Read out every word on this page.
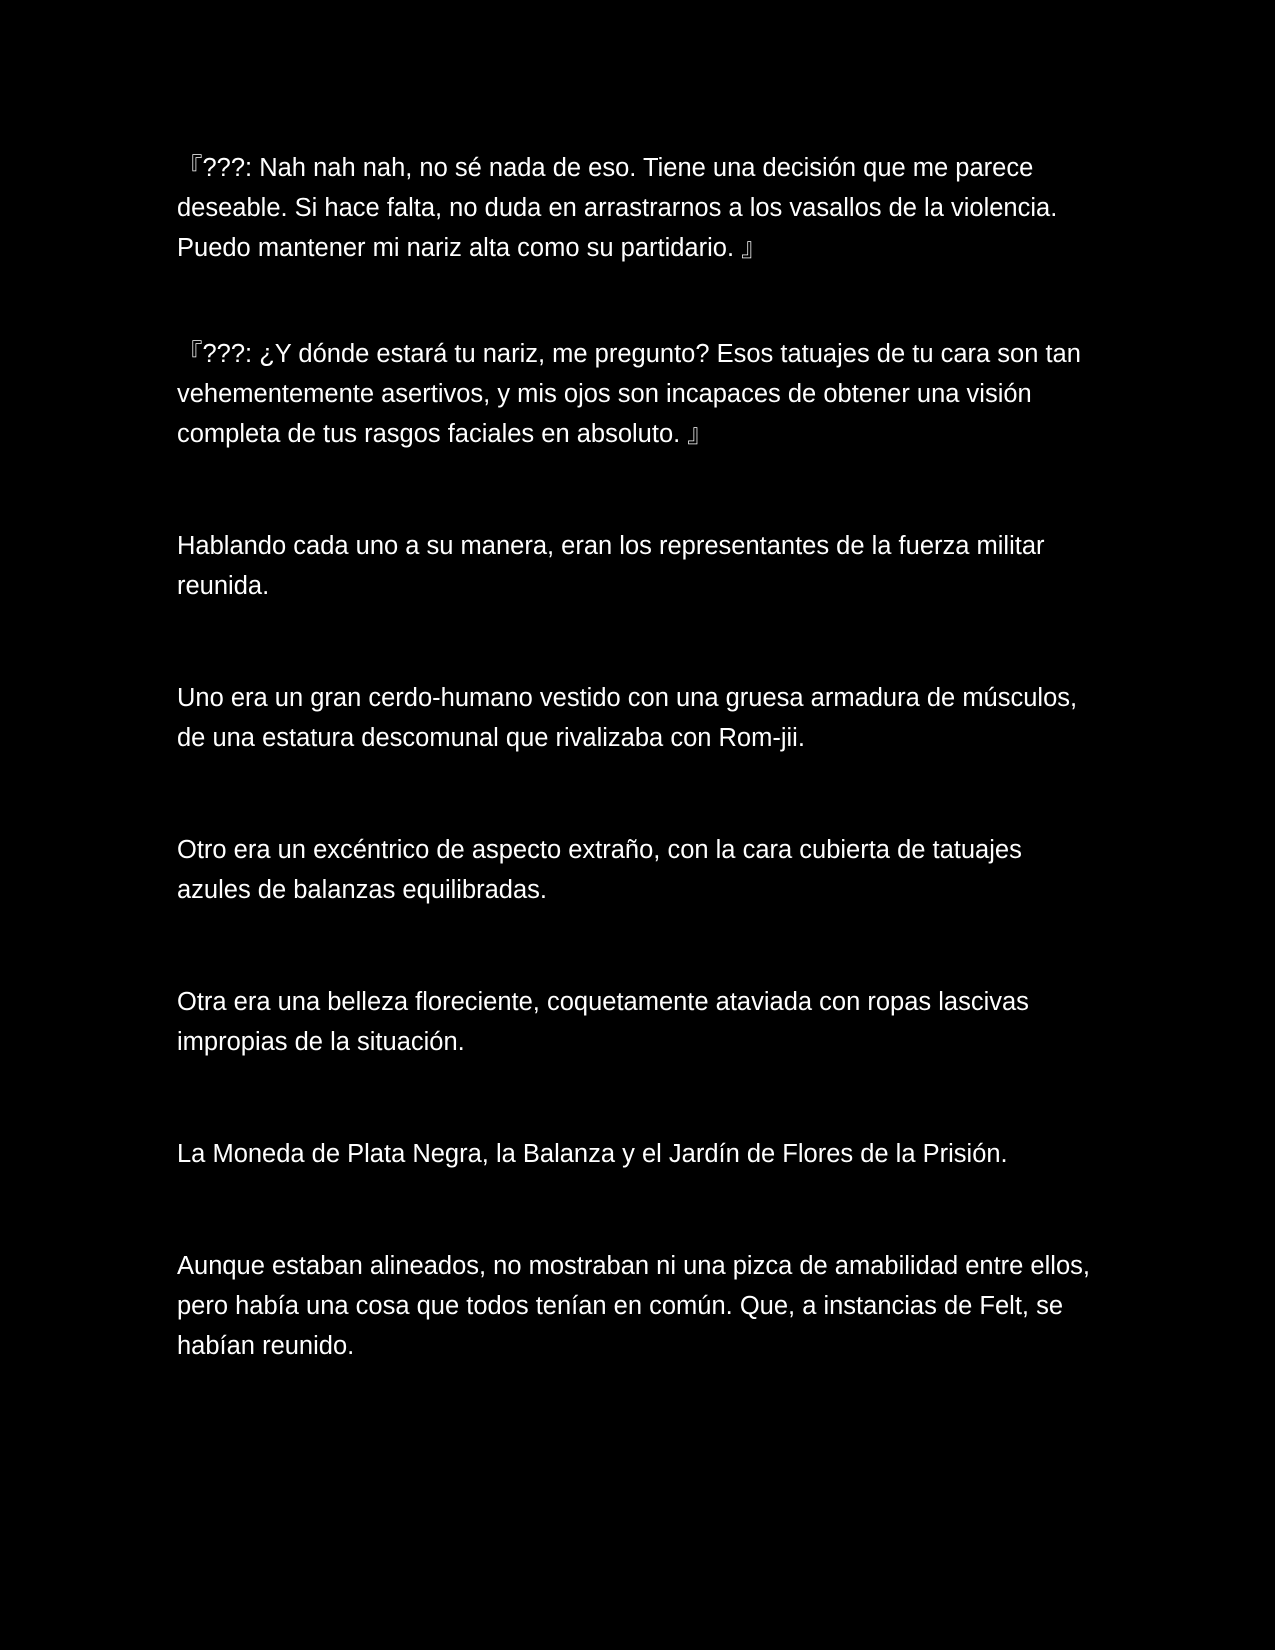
『???: Nah nah nah, no sé nada de eso. Tiene una decisión que me parece deseable. Si hace falta, no duda en arrastrarnos a los vasallos de la violencia. Puedo mantener mi nariz alta como su partidario. 』

『???: ¿Y dónde estará tu nariz, me pregunto? Esos tatuajes de tu cara son tan vehementemente asertivos, y mis ojos son incapaces de obtener una visión completa de tus rasgos faciales en absoluto. 』

Hablando cada uno a su manera, eran los representantes de la fuerza militar reunida.

Uno era un gran cerdo-humano vestido con una gruesa armadura de músculos, de una estatura descomunal que rivalizaba con Rom-jii.

Otro era un excéntrico de aspecto extraño, con la cara cubierta de tatuajes azules de balanzas equilibradas.

Otra era una belleza floreciente, coquetamente ataviada con ropas lascivas impropias de la situación.

La Moneda de Plata Negra, la Balanza y el Jardín de Flores de la Prisión.

Aunque estaban alineados, no mostraban ni una pizca de amabilidad entre ellos, pero había una cosa que todos tenían en común. Que, a instancias de Felt, se habían reunido.
